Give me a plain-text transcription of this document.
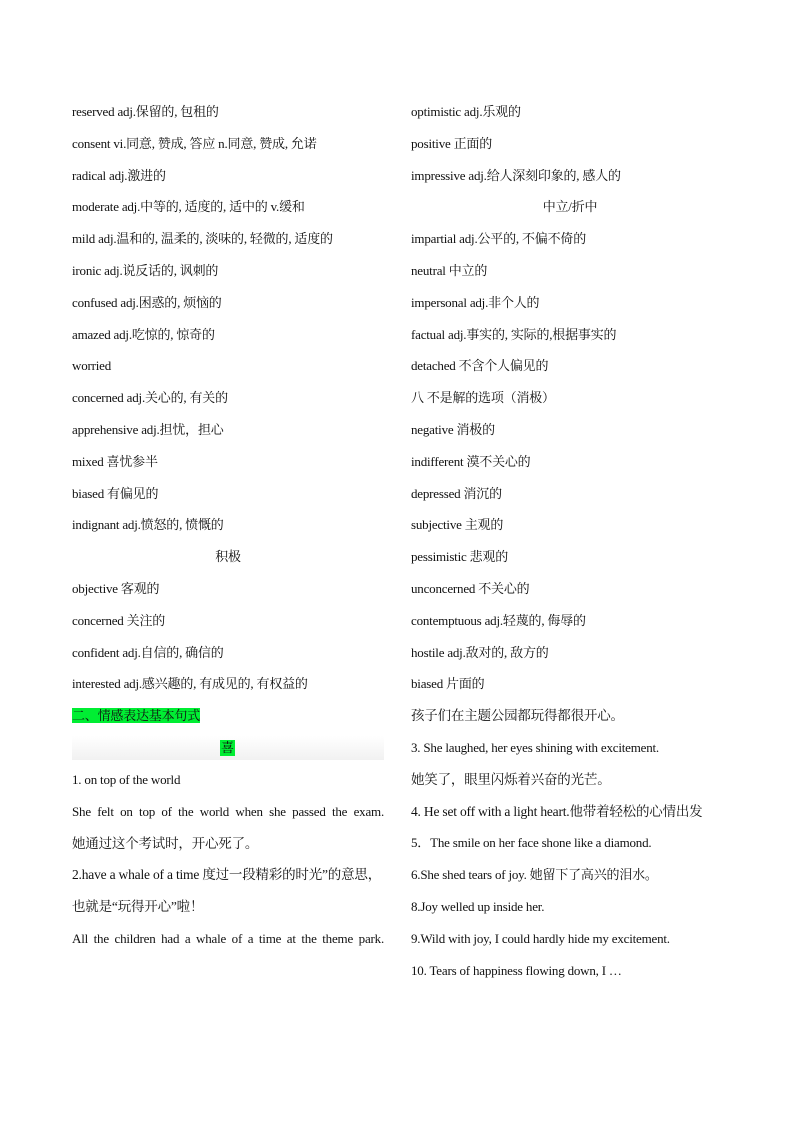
reserved adj.保留的, 包租的
consent vi.同意, 赞成, 答应 n.同意, 赞成, 允诺
radical adj.激进的
moderate adj.中等的, 适度的, 适中的 v.缓和
mild adj.温和的, 温柔的, 淡味的, 轻微的, 适度的
ironic adj.说反话的, 讽刺的
confused adj.困惑的, 烦恼的
amazed adj.吃惊的, 惊奇的
worried
concerned adj.关心的, 有关的
apprehensive adj.担忧，担心
mixed 喜忧参半
biased 有偏见的
indignant adj.愤怒的, 愤慨的
积极
objective 客观的
concerned 关注的
confident adj.自信的, 确信的
interested adj.感兴趣的, 有成见的, 有权益的
二、情感表达基本句式
喜
1. on top of the world
She felt on top of the world when she passed the exam.
她通过这个考试时，开心死了。
2.have a whale of a time 度过一段精彩的时光”的意思，也就是“玩得开心”啦！
All the children had a whale of a time at the theme park.
optimistic adj.乐观的
positive 正面的
impressive adj.给人深刻印象的, 感人的
中立/折中
impartial adj.公平的, 不偏不倚的
neutral 中立的
impersonal adj.非个人的
factual adj.事实的, 实际的,根据事实的
detached 不含个人偏见的
八 不是解的选项（消极）
negative 消极的
indifferent 漠不关心的
depressed 消沉的
subjective 主观的
pessimistic 悲观的
unconcerned 不关心的
contemptuous adj.轻蔑的, 侮辱的
hostile adj.敌对的, 敌方的
biased 片面的
孩子们在主题公园都玩得都很开心。
3. She laughed, her eyes shining with excitement.
她笑了，眼里闪烁着兴奋的光芒。
4. He set off with a light heart.他带着轻松的心情出发
5．The smile on her face shone like a diamond.
6.She shed tears of joy. 她留下了高兴的泪水。
8.Joy welled up inside her.
9.Wild with joy, I could hardly hide my excitement.
10. Tears of happiness flowing down, I …
